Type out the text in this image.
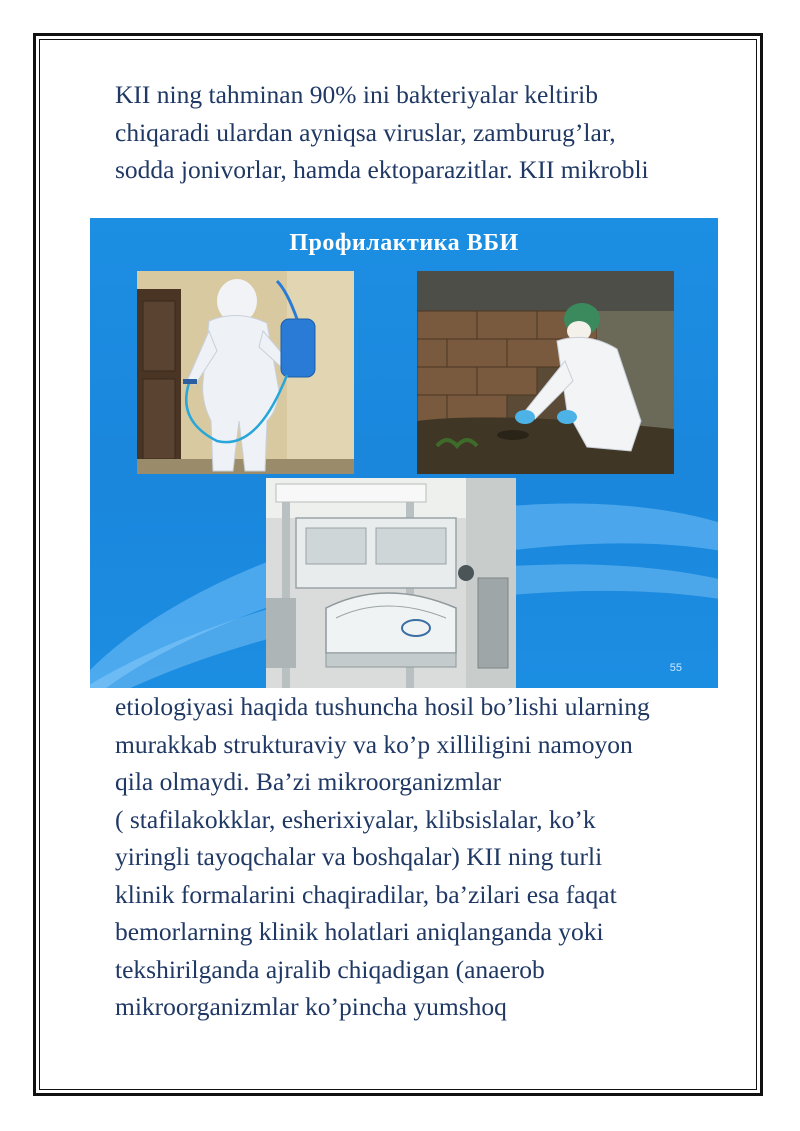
KII ning tahminan 90% ini bakteriyalar keltirib
chiqaradi ulardan ayniqsa viruslar, zamburug’lar,
sodda jonivorlar, hamda ektoparazitlar. KII mikrobli

Профилактика ВБИ
55

etiologiyasi haqida tushuncha hosil bo’lishi ularning
murakkab strukturaviy va ko’p xilliligini namoyon
qila olmaydi. Ba’zi mikroorganizmlar
( stafilakokklar, esherixiyalar, klibsislalar, ko’k
yiringli tayoqchalar va boshqalar) KII ning turli
klinik formalarini chaqiradilar, ba’zilari esa faqat
bemorlarning klinik holatlari aniqlanganda yoki
tekshirilganda ajralib chiqadigan (anaerob
mikroorganizmlar ko’pincha yumshoq
